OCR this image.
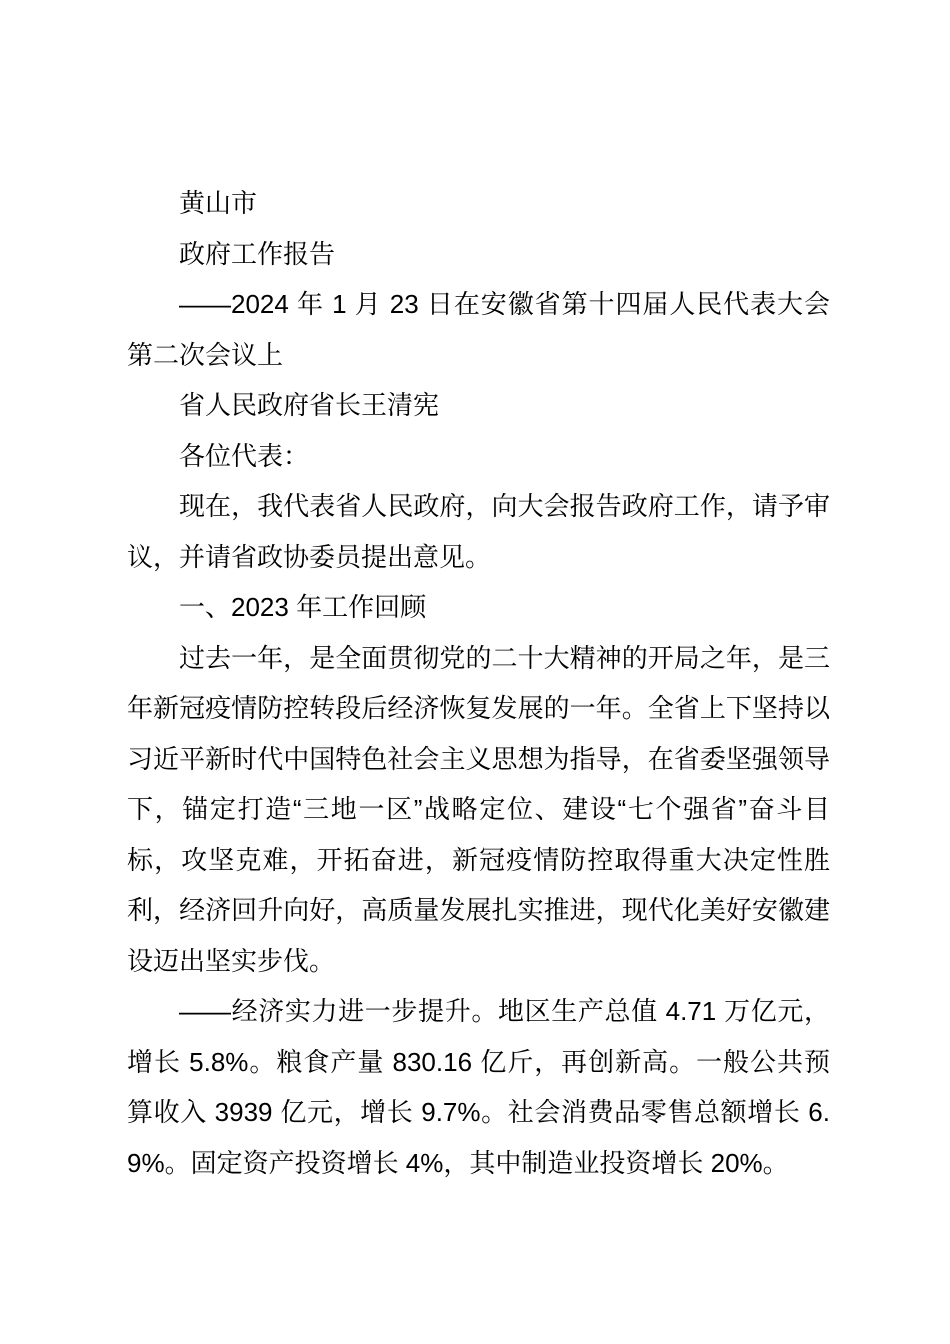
黄山市

政府工作报告

——2024 年 1 月 23 日在安徽省第十四届人民代表大会第二次会议上

省人民政府省长王清宪

各位代表：

现在，我代表省人民政府，向大会报告政府工作，请予审议，并请省政协委员提出意见。

一、2023 年工作回顾

过去一年，是全面贯彻党的二十大精神的开局之年，是三年新冠疫情防控转段后经济恢复发展的一年。全省上下坚持以习近平新时代中国特色社会主义思想为指导，在省委坚强领导下，锚定打造“三地一区”战略定位、建设“七个强省”奋斗目标，攻坚克难，开拓奋进，新冠疫情防控取得重大决定性胜利，经济回升向好，高质量发展扎实推进，现代化美好安徽建设迈出坚实步伐。

——经济实力进一步提升。地区生产总值 4.71 万亿元，增长 5.8%。粮食产量 830.16 亿斤，再创新高。一般公共预算收入 3939 亿元，增长 9.7%。社会消费品零售总额增长 6.9%。固定资产投资增长 4%，其中制造业投资增长 20%。
